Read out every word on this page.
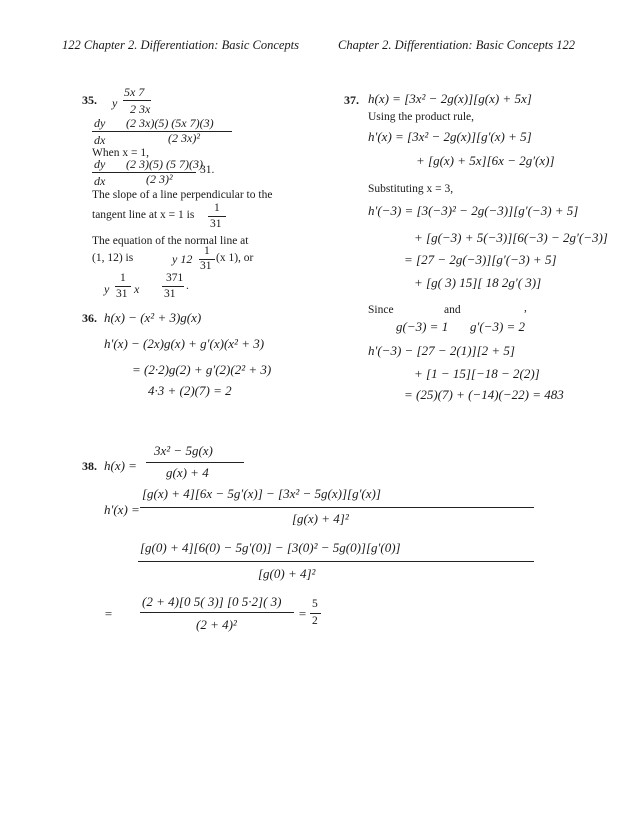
122 Chapter 2. Differentiation: Basic Concepts	Chapter 2. Differentiation: Basic Concepts 122
35. y
5x 7
2 3x
dy (2 3x)(5) (5x 7)(3)
dx	(2 3x)²
When x = 1,
dy (2 3)(5) (5 7)(3)
dx	(2 3)²
31.
The slope of a line perpendicular to the
tangent line at x = 1 is
1
31
The equation of the normal line at
(1, 12) is	y 12
1
31
(x 1), or
y
1
31 x
371
31
.
36. h(x) − (x² + 3)g(x)
h′(x) − (2x)g(x) + g′(x)(x² + 3)
= (2·2)g(2) + g′(2)(2² + 3)
4·3 + (2)(7) = 2
37. h(x) = [3x² − 2g(x)][g(x) + 5x]
Using the product rule,
h′(x) = [3x² − 2g(x)][g′(x) + 5]
+ [g(x) + 5x][6x − 2g′(x)]
Substituting x = 3,
h′(−3) = [3(−3)² − 2g(−3)][g′(−3) + 5]
+ [g(−3) + 5(−3)][6(−3) − 2g′(−3)]
= [27 − 2g(−3)][g′(−3) + 5]
+ [g( 3) 15][ 18 2g′( 3)]
Since	and	,
g(−3) = 1 g′(−3) = 2
h′(−3) − [27 − 2(1)][2 + 5]
+ [1 − 15][−18 − 2(2)]
= (25)(7) + (−14)(−22) = 483
38. h(x) =
3x² − 5g(x)
g(x) + 4
h′(x) =
[g(x) + 4][6x − 5g′(x)] − [3x² − 5g(x)][g′(x)]
[g(x) + 4]²
[g(0) + 4][6(0) − 5g′(0)] − [3(0)² − 5g(0)][g′(0)]
[g(0) + 4]²
=
(2 + 4)[0 5( 3)] [0 5·2]( 3)
(2 + 4)²
=
5
2
